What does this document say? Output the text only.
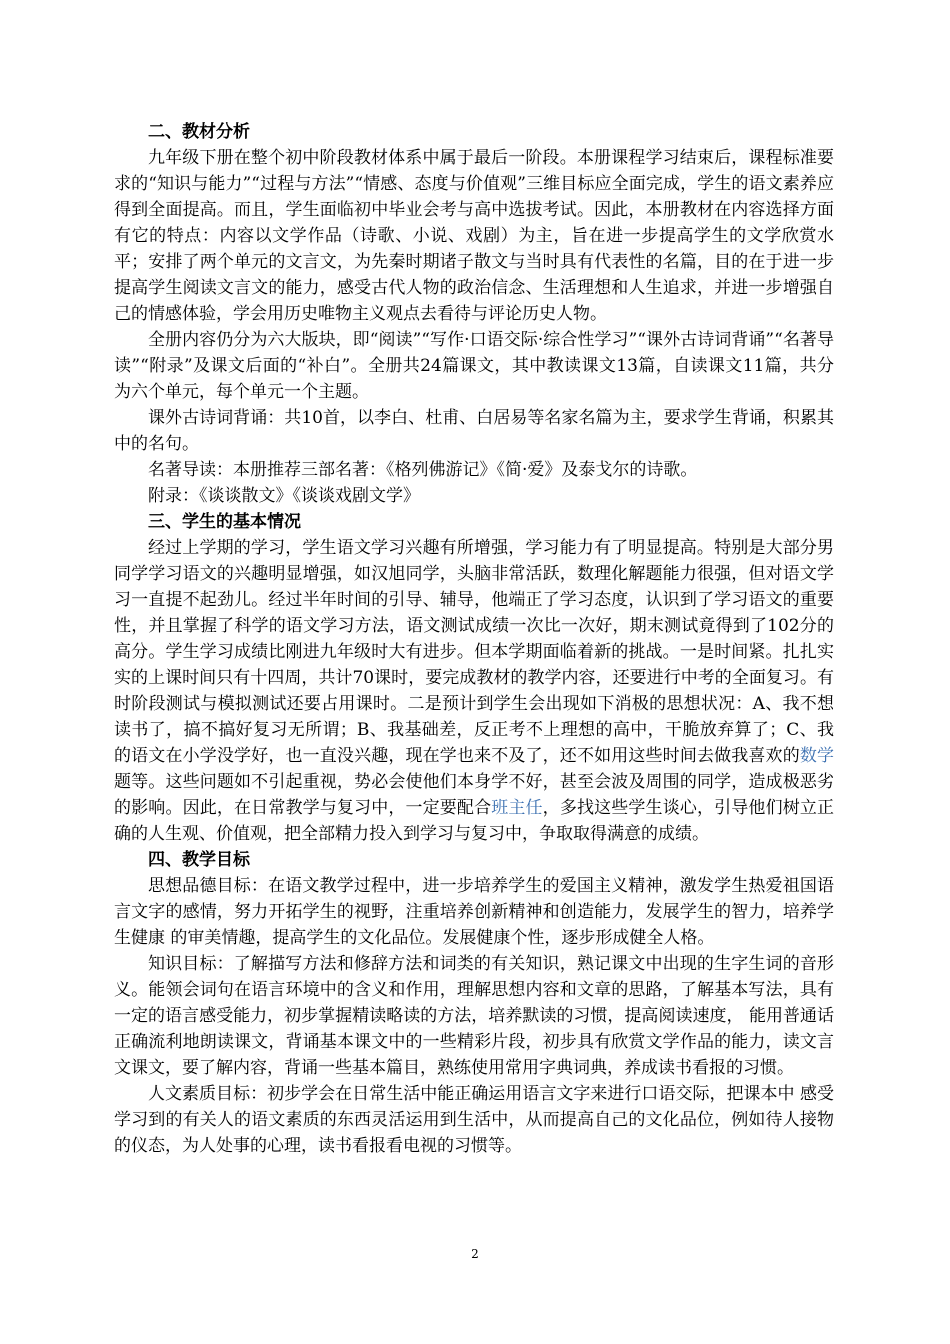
二、教材分析
九年级下册在整个初中阶段教材体系中属于最后一阶段。本册课程学习结束后，课程标准要求的“知识与能力”“过程与方法”“情感、态度与价值观”三维目标应全面完成，学生的语文素养应得到全面提高。而且，学生面临初中毕业会考与高中选拔考试。因此，本册教材在内容选择方面有它的特点：内容以文学作品（诗歌、小说、戏剧）为主，旨在进一步提高学生的文学欣赏水平；安排了两个单元的文言文，为先秦时期诸子散文与当时具有代表性的名篇，目的在于进一步提高学生阅读文言文的能力，感受古代人物的政治信念、生活理想和人生追求，并进一步增强自己的情感体验，学会用历史唯物主义观点去看待与评论历史人物。
全册内容仍分为六大版块，即“阅读”“写作·口语交际·综合性学习”“课外古诗词背诵”“名著导读”“附录”及课文后面的“补白”。全册共24篇课文，其中教读课文13篇，自读课文11篇，共分为六个单元，每个单元一个主题。
课外古诗词背诵：共10首，以李白、杜甫、白居易等名家名篇为主，要求学生背诵，积累其中的名句。
名著导读：本册推荐三部名著：《格列佛游记》《简·爱》及泰戈尔的诗歌。
附录：《谈谈散文》《谈谈戏剧文学》
三、学生的基本情况
经过上学期的学习，学生语文学习兴趣有所增强，学习能力有了明显提高。特别是大部分男同学学习语文的兴趣明显增强，如汉旭同学，头脑非常活跃，数理化解题能力很强，但对语文学习一直提不起劲儿。经过半年时间的引导、辅导，他端正了学习态度，认识到了学习语文的重要性，并且掌握了科学的语文学习方法，语文测试成绩一次比一次好，期末测试竟得到了102分的高分。学生学习成绩比刚进九年级时大有进步。但本学期面临着新的挑战。一是时间紧。扎扎实实的上课时间只有十四周，共计70课时，要完成教材的教学内容，还要进行中考的全面复习。有时阶段测试与模拟测试还要占用课时。二是预计到学生会出现如下消极的思想状况：A、我不想读书了，搞不搞好复习无所谓；B、我基础差，反正考不上理想的高中，干脆放弃算了；C、我的语文在小学没学好，也一直没兴趣，现在学也来不及了，还不如用这些时间去做我喜欢的数学题等。这些问题如不引起重视，势必会使他们本身学不好，甚至会波及周围的同学，造成极恶劣的影响。因此，在日常教学与复习中，一定要配合班主任，多找这些学生谈心，引导他们树立正确的人生观、价值观，把全部精力投入到学习与复习中，争取取得满意的成绩。
四、教学目标
思想品德目标：在语文教学过程中，进一步培养学生的爱国主义精神，激发学生热爱祖国语言文字的感情，努力开拓学生的视野，注重培养创新精神和创造能力，发展学生的智力，培养学生健康 的审美情趣，提高学生的文化品位。发展健康个性，逐步形成健全人格。
知识目标：了解描写方法和修辞方法和词类的有关知识，熟记课文中出现的生字生词的音形义。能领会词句在语言环境中的含义和作用，理解思想内容和文章的思路，了解基本写法，具有一定的语言感受能力，初步掌握精读略读的方法，培养默读的习惯，提高阅读速度， 能用普通话正确流利地朗读课文，背诵基本课文中的一些精彩片段，初步具有欣赏文学作品的能力，读文言文课文，要了解内容，背诵一些基本篇目，熟练使用常用字典词典，养成读书看报的习惯。
人文素质目标：初步学会在日常生活中能正确运用语言文字来进行口语交际，把课本中 感受学习到的有关人的语文素质的东西灵活运用到生活中，从而提高自己的文化品位，例如待人接物的仪态，为人处事的心理，读书看报看电视的习惯等。
2
